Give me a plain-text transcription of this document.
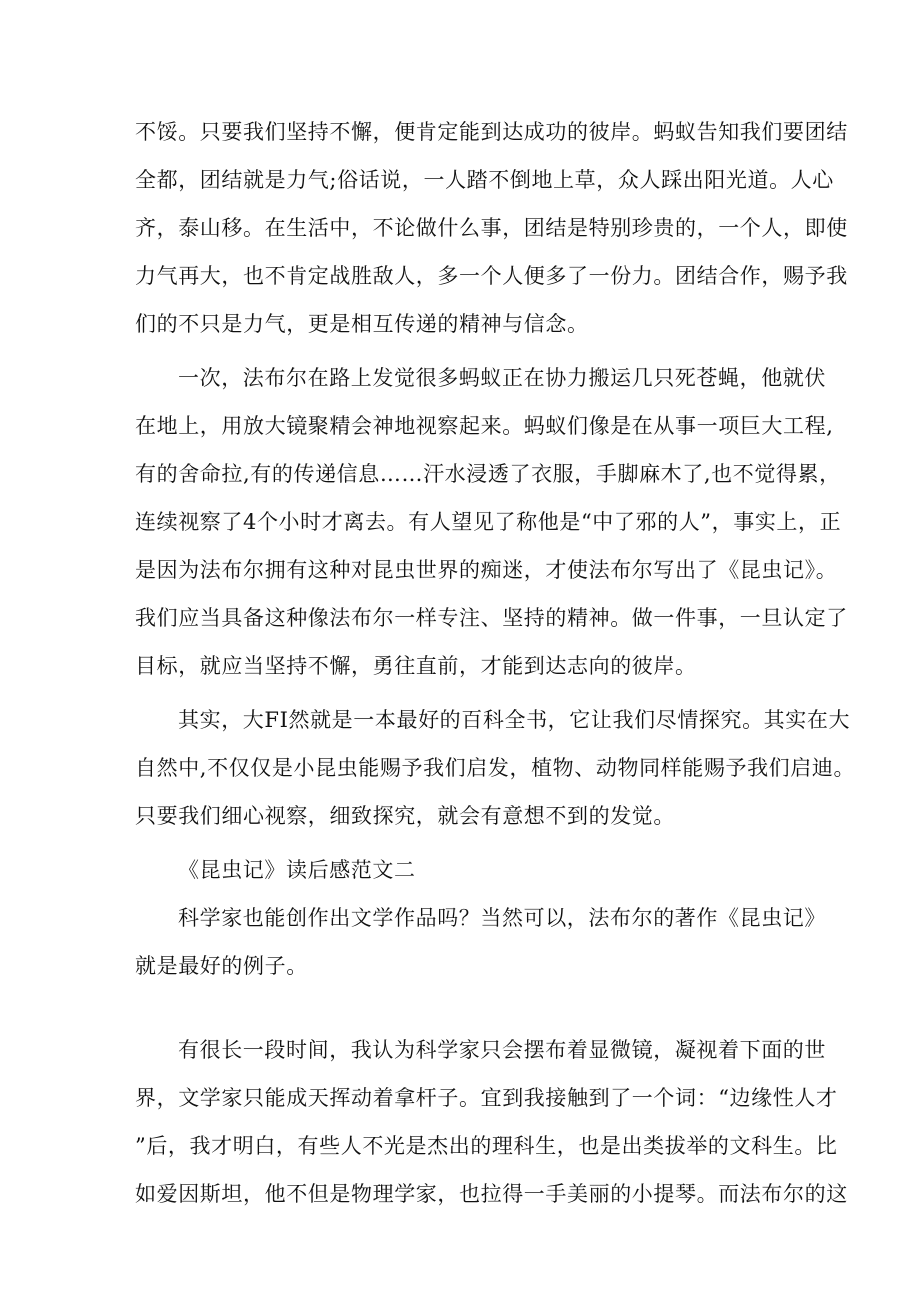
不馁。只要我们坚持不懈，便肯定能到达成功的彼岸。蚂蚁告知我们要团结
全都，团结就是力气;俗话说，一人踏不倒地上草，众人踩出阳光道。人心
齐，泰山移。在生活中，不论做什么事，团结是特别珍贵的，一个人，即使
力气再大，也不肯定战胜敌人，多一个人便多了一份力。团结合作，赐予我
们的不只是力气，更是相互传递的精神与信念。
一次，法布尔在路上发觉很多蚂蚁正在协力搬运几只死苍蝇，他就伏
在地上，用放大镜聚精会神地视察起来。蚂蚁们像是在从事一项巨大工程,
有的舍命拉,有的传递信息……汗水浸透了衣服，手脚麻木了,也不觉得累，
连续视察了4个小时才离去。有人望见了称他是“中了邪的人”，事实上，正
是因为法布尔拥有这种对昆虫世界的痴迷，才使法布尔写出了《昆虫记》。
我们应当具备这种像法布尔一样专注、坚持的精神。做一件事，一旦认定了
目标，就应当坚持不懈，勇往直前，才能到达志向的彼岸。
其实，大FI然就是一本最好的百科全书，它让我们尽情探究。其实在大
自然中,不仅仅是小昆虫能赐予我们启发，植物、动物同样能赐予我们启迪。
只要我们细心视察，细致探究，就会有意想不到的发觉。
《昆虫记》读后感范文二
科学家也能创作出文学作品吗？当然可以，法布尔的著作《昆虫记》
就是最好的例子。
有很长一段时间，我认为科学家只会摆布着显微镜，凝视着下面的世
界，文学家只能成天挥动着拿杆子。宜到我接触到了一个词：“边缘性人才
”后，我才明白，有些人不光是杰出的理科生，也是出类拔举的文科生。比
如爱因斯坦，他不但是物理学家，也拉得一手美丽的小提琴。而法布尔的这
